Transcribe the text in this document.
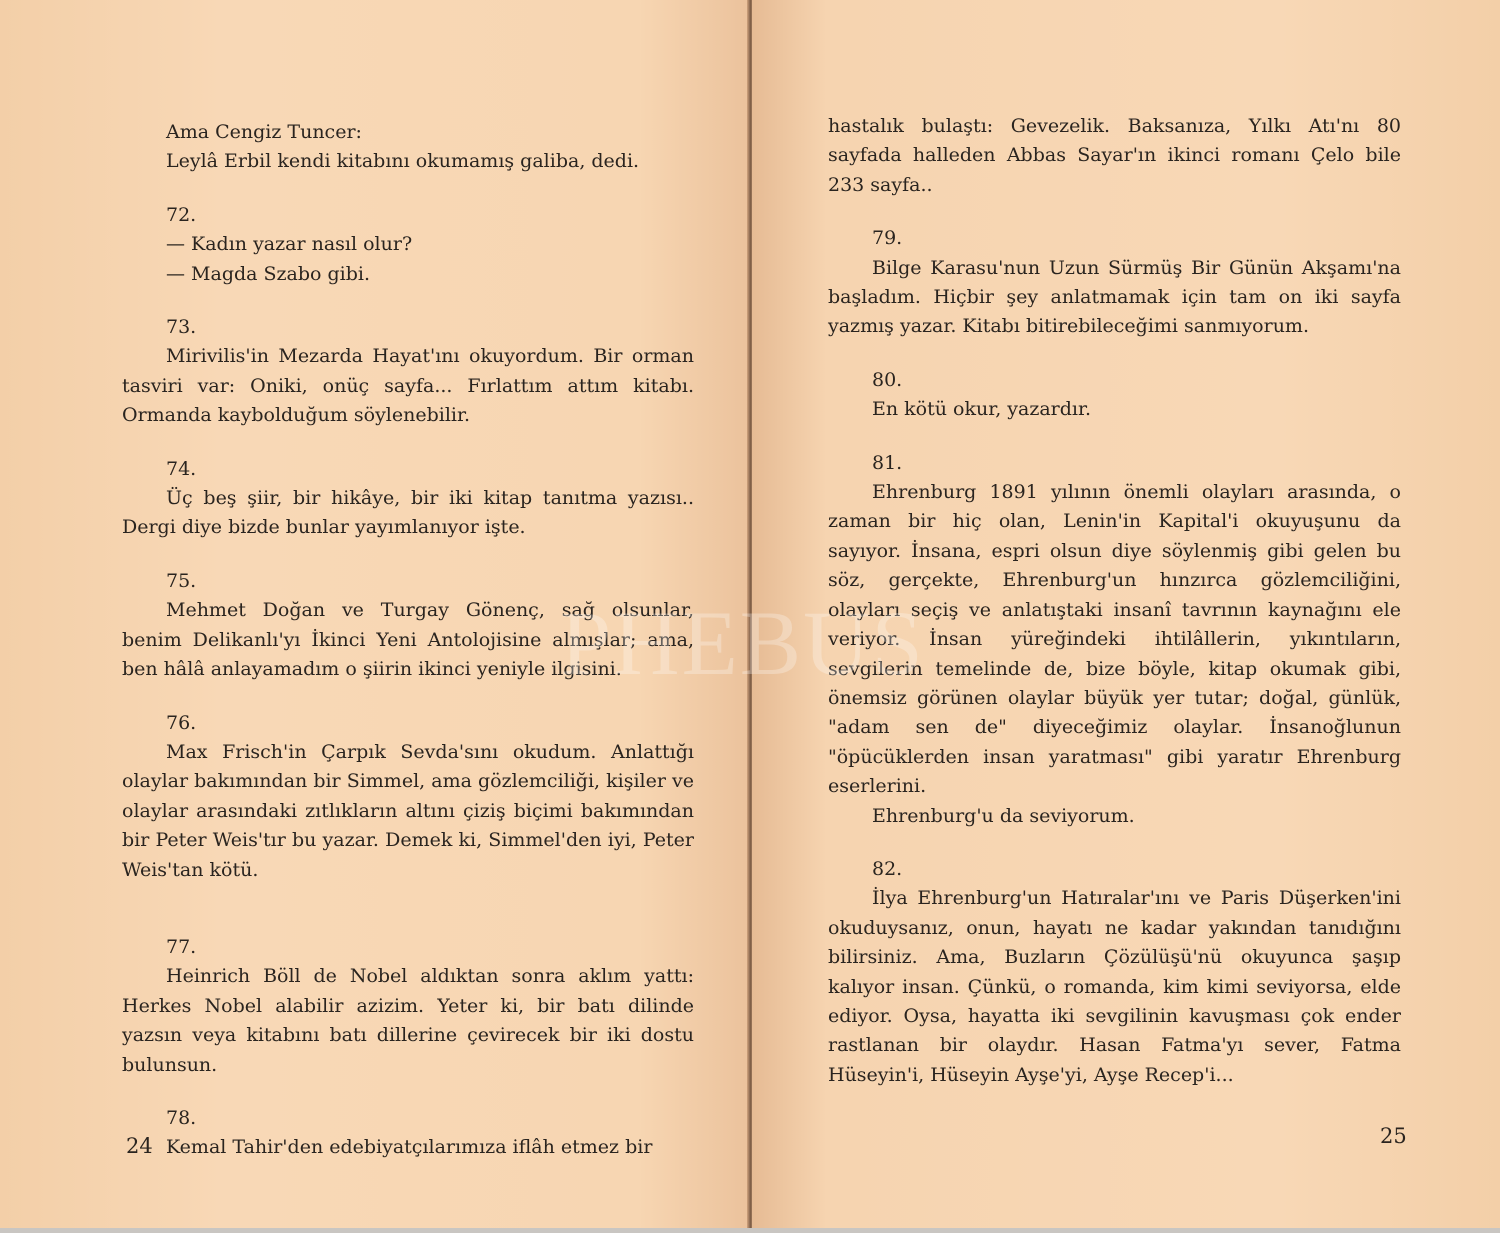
Ama Cengiz Tuncer:

Leylâ Erbil kendi kitabını okumamış galiba, dedi.

72.

— Kadın yazar nasıl olur?

— Magda Szabo gibi.

73.

Mirivilis'in Mezarda Hayat'ını okuyordum. Bir orman tasviri var: Oniki, onüç sayfa... Fırlattım attım kitabı. Ormanda kaybolduğum söylenebilir.

74.

Üç beş şiir, bir hikâye, bir iki kitap tanıtma yazısı.. Dergi diye bizde bunlar yayımlanıyor işte.

75.

Mehmet Doğan ve Turgay Gönenç, sağ olsunlar, benim Delikanlı'yı İkinci Yeni Antolojisine almışlar; ama, ben hâlâ anlayamadım o şiirin ikinci yeniyle ilgisini.

76.

Max Frisch'in Çarpık Sevda'sını okudum. Anlattığı olaylar bakımından bir Simmel, ama gözlemciliği, kişiler ve olaylar arasındaki zıtlıkların altını çiziş biçimi bakımından bir Peter Weis'tır bu yazar. Demek ki, Simmel'den iyi, Peter Weis'tan kötü.

77.

Heinrich Böll de Nobel aldıktan sonra aklım yattı: Herkes Nobel alabilir azizim. Yeter ki, bir batı dilinde yazsın veya kitabını batı dillerine çevirecek bir iki dostu bulunsun.

78.

Kemal Tahir'den edebiyatçılarımıza iflâh etmez bir

24

hastalık bulaştı: Gevezelik. Baksanıza, Yılkı Atı'nı 80 sayfada halleden Abbas Sayar'ın ikinci romanı Çelo bile 233 sayfa..

79.

Bilge Karasu'nun Uzun Sürmüş Bir Günün Akşamı'na başladım. Hiçbir şey anlatmamak için tam on iki sayfa yazmış yazar. Kitabı bitirebileceğimi sanmıyorum.

80.

En kötü okur, yazardır.

81.

Ehrenburg 1891 yılının önemli olayları arasında, o zaman bir hiç olan, Lenin'in Kapital'i okuyuşunu da sayıyor. İnsana, espri olsun diye söylenmiş gibi gelen bu söz, gerçekte, Ehrenburg'un hınzırca gözlemciliğini, olayları seçiş ve anlatıştaki insanî tavrının kaynağını ele veriyor. İnsan yüreğindeki ihtilâllerin, yıkıntıların, sevgilerin temelinde de, bize böyle, kitap okumak gibi, önemsiz görünen olaylar büyük yer tutar; doğal, günlük, "adam sen de" diyeceğimiz olaylar. İnsanoğlunun "öpücüklerden insan yaratması" gibi yaratır Ehrenburg eserlerini.

Ehrenburg'u da seviyorum.

82.

İlya Ehrenburg'un Hatıralar'ını ve Paris Düşerken'ini okuduysanız, onun, hayatı ne kadar yakından tanıdığını bilirsiniz. Ama, Buzların Çözülüşü'nü okuyunca şaşıp kalıyor insan. Çünkü, o romanda, kim kimi seviyorsa, elde ediyor. Oysa, hayatta iki sevgilinin kavuşması çok ender rastlanan bir olaydır. Hasan Fatma'yı sever, Fatma Hüseyin'i, Hüseyin Ayşe'yi, Ayşe Recep'i...

25
PHEBUS
